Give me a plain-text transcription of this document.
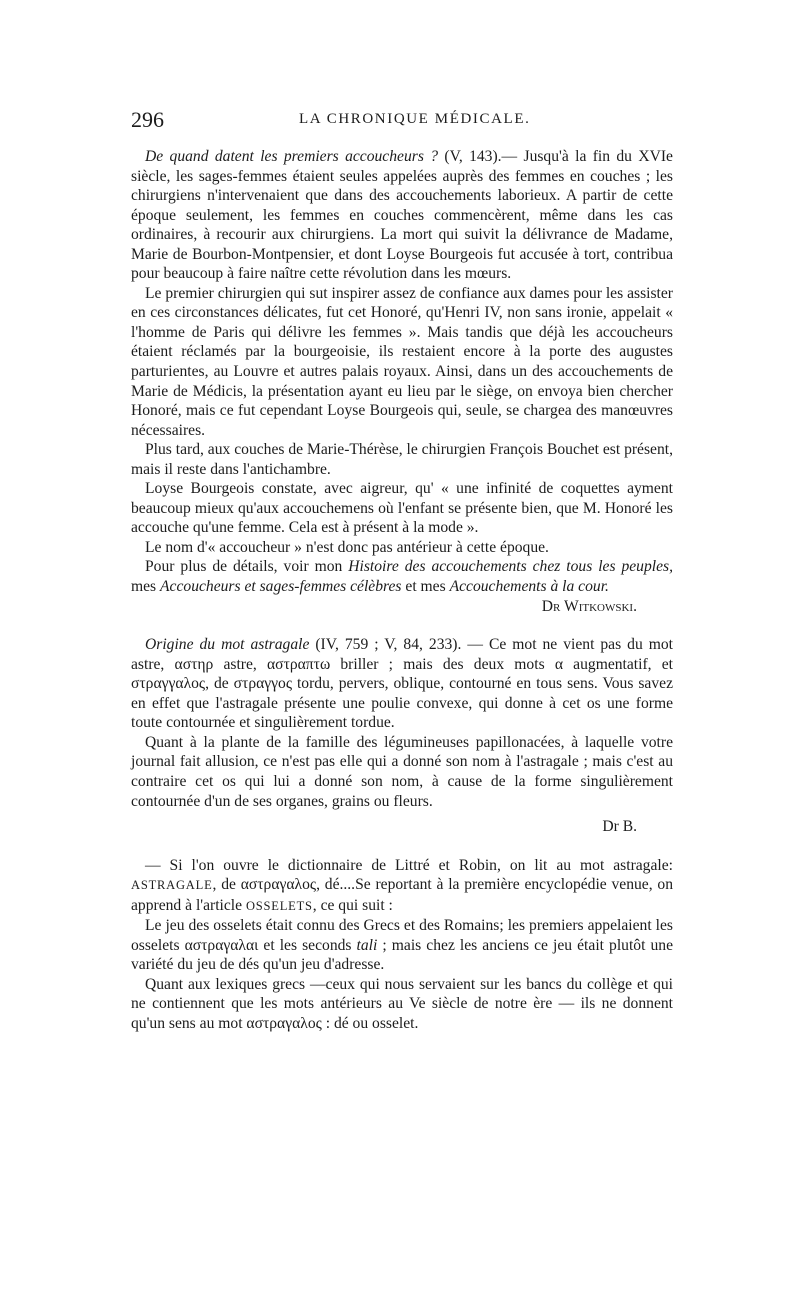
296	LA CHRONIQUE MÉDICALE.

De quand datent les premiers accoucheurs ? (V, 143).— Jusqu'à la fin du XVIe siècle, les sages-femmes étaient seules appelées auprès des femmes en couches ; les chirurgiens n'intervenaient que dans des accouchements laborieux. A partir de cette époque seulement, les femmes en couches commencèrent, même dans les cas ordinaires, à recourir aux chirurgiens. La mort qui suivit la délivrance de Madame, Marie de Bourbon-Montpensier, et dont Loyse Bourgeois fut accusée à tort, contribua pour beaucoup à faire naître cette révolution dans les mœurs.

Le premier chirurgien qui sut inspirer assez de confiance aux dames pour les assister en ces circonstances délicates, fut cet Honoré, qu'Henri IV, non sans ironie, appelait « l'homme de Paris qui délivre les femmes ». Mais tandis que déjà les accoucheurs étaient réclamés par la bourgeoisie, ils restaient encore à la porte des augustes parturientes, au Louvre et autres palais royaux. Ainsi, dans un des accouchements de Marie de Médicis, la présentation ayant eu lieu par le siège, on envoya bien chercher Honoré, mais ce fut cependant Loyse Bourgeois qui, seule, se chargea des manœuvres nécessaires.

Plus tard, aux couches de Marie-Thérèse, le chirurgien François Bouchet est présent, mais il reste dans l'antichambre.

Loyse Bourgeois constate, avec aigreur, qu' « une infinité de coquettes ayment beaucoup mieux qu'aux accouchemens où l'enfant se présente bien, que M. Honoré les accouche qu'une femme. Cela est à présent à la mode ».

Le nom d'« accoucheur » n'est donc pas antérieur à cette époque.

Pour plus de détails, voir mon Histoire des accouchements chez tous les peuples, mes Accoucheurs et sages-femmes célèbres et mes Accouchements à la cour.

Dr Witkowski.

Origine du mot astragale (IV, 759 ; V, 84, 233). — Ce mot ne vient pas du mot astre, αστηρ astre, αστραπτω briller ; mais des deux mots α augmentatif, et στραγγαλος, de στραγγος tordu, pervers, oblique, contourné en tous sens. Vous savez en effet que l'astragale présente une poulie convexe, qui donne à cet os une forme toute contournée et singulièrement tordue.

Quant à la plante de la famille des légumineuses papillonacées, à laquelle votre journal fait allusion, ce n'est pas elle qui a donné son nom à l'astragale ; mais c'est au contraire cet os qui lui a donné son nom, à cause de la forme singulièrement contournée d'un de ses organes, grains ou fleurs.

Dr B.

— Si l'on ouvre le dictionnaire de Littré et Robin, on lit au mot astragale: ASTRAGALE, de αστραγαλος, dé....Se reportant à la première encyclopédie venue, on apprend à l'article OSSELETS, ce qui suit :

Le jeu des osselets était connu des Grecs et des Romains; les premiers appelaient les osselets αστραγαλαι et les seconds tali ; mais chez les anciens ce jeu était plutôt une variété du jeu de dés qu'un jeu d'adresse.

Quant aux lexiques grecs —ceux qui nous servaient sur les bancs du collège et qui ne contiennent que les mots antérieurs au Ve siècle de notre ère — ils ne donnent qu'un sens au mot αστραγαλος : dé ou osselet.
